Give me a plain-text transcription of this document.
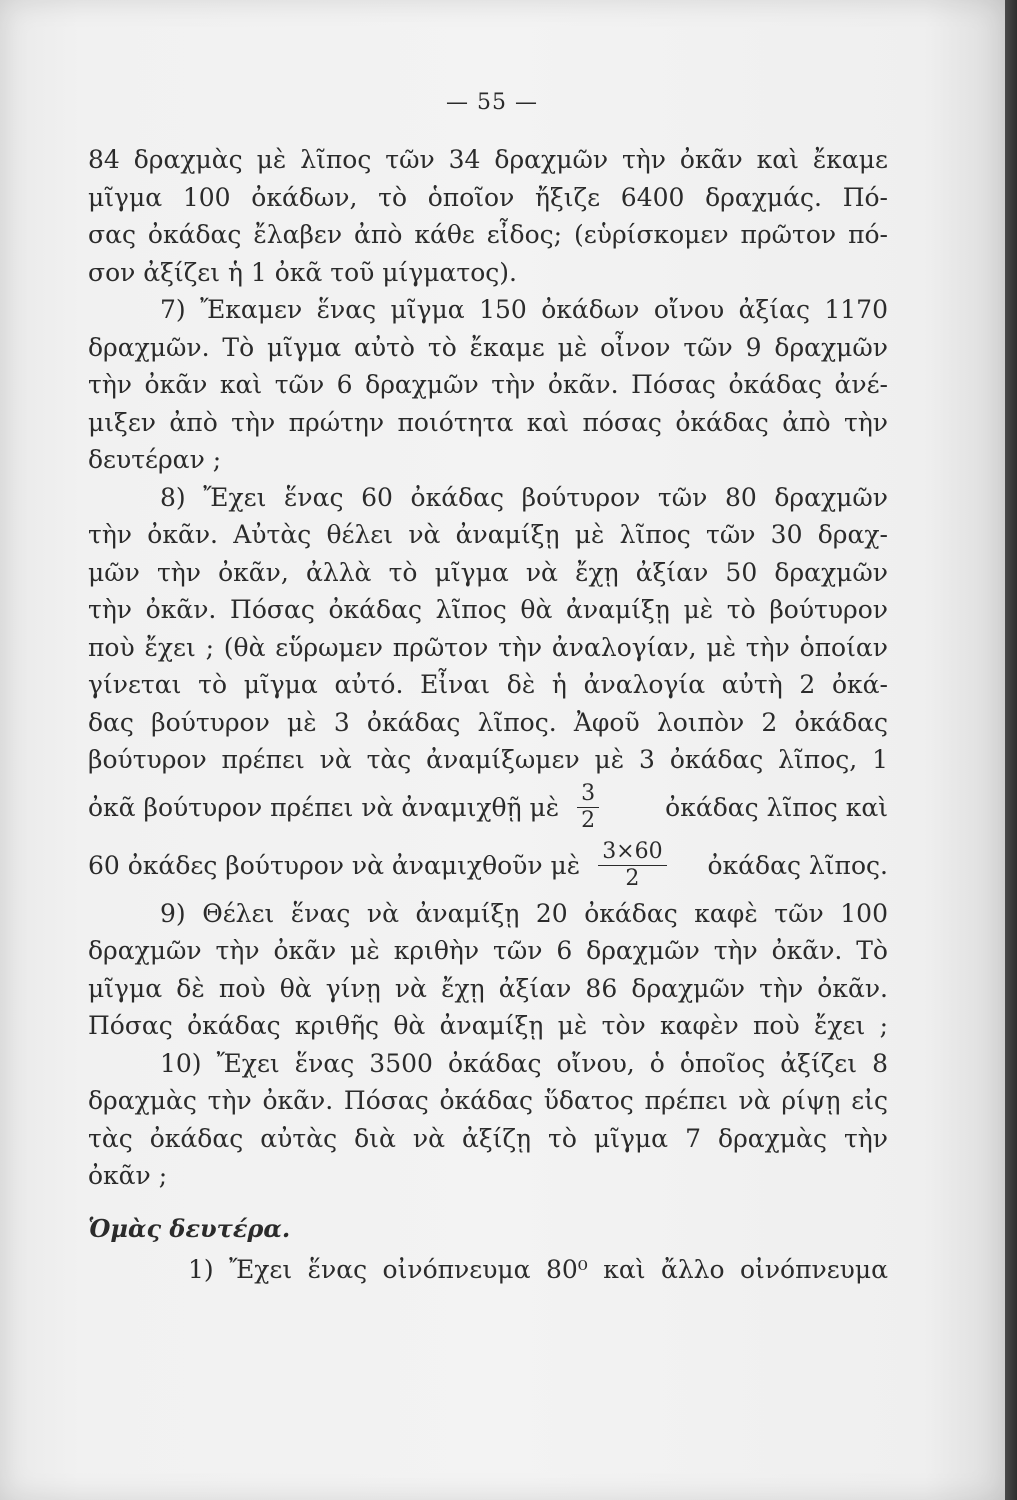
— 55 —
84 δραχμὰς μὲ λῖπος τῶν 34 δραχμῶν τὴν ὀκᾶν καὶ ἔκαμε
μῖγμα 100 ὀκάδων, τὸ ὁποῖον ἤξιζε 6400 δραχμάς. Πό-
σας ὀκάδας ἔλαβεν ἀπὸ κάθε εἶδος; (εὑρίσκομεν πρῶτον πό-
σον ἀξίζει ἡ 1 ὀκᾶ τοῦ μίγματος).
7) Ἔκαμεν ἕνας μῖγμα 150 ὀκάδων οἴνου ἀξίας 1170
δραχμῶν. Τὸ μῖγμα αὐτὸ τὸ ἔκαμε μὲ οἶνον τῶν 9 δραχμῶν
τὴν ὀκᾶν καὶ τῶν 6 δραχμῶν τὴν ὀκᾶν. Πόσας ὀκάδας ἀνέ-
μιξεν ἀπὸ τὴν πρώτην ποιότητα καὶ πόσας ὀκάδας ἀπὸ τὴν
δευτέραν ;
8) Ἔχει ἕνας 60 ὀκάδας βούτυρον τῶν 80 δραχμῶν
τὴν ὀκᾶν. Αὐτὰς θέλει νὰ ἀναμίξῃ μὲ λῖπος τῶν 30 δραχ-
μῶν τὴν ὀκᾶν, ἀλλὰ τὸ μῖγμα νὰ ἔχῃ ἀξίαν 50 δραχμῶν
τὴν ὀκᾶν. Πόσας ὀκάδας λῖπος θὰ ἀναμίξῃ μὲ τὸ βούτυρον
ποὺ ἔχει ; (θὰ εὕρωμεν πρῶτον τὴν ἀναλογίαν, μὲ τὴν ὁποίαν
γίνεται τὸ μῖγμα αὐτό. Εἶναι δὲ ἡ ἀναλογία αὐτὴ 2 ὀκά-
δας βούτυρον μὲ 3 ὀκάδας λῖπος. Ἀφοῦ λοιπὸν 2 ὀκάδας
βούτυρον πρέπει νὰ τὰς ἀναμίξωμεν μὲ 3 ὀκάδας λῖπος, 1
ὀκᾶ βούτυρον πρέπει νὰ ἀναμιχθῇ μὲ $\frac{3}{2}$	ὀκάδας λῖπος καὶ
60 ὀκάδες βούτυρον νὰ ἀναμιχθοῦν μὲ $\frac{3\times 60}{2}$ ὀκάδας λῖπος.
9) Θέλει ἕνας νὰ ἀναμίξῃ 20 ὀκάδας καφὲ τῶν 100
δραχμῶν τὴν ὀκᾶν μὲ κριθὴν τῶν 6 δραχμῶν τὴν ὀκᾶν. Τὸ
μῖγμα δὲ ποὺ θὰ γίνῃ νὰ ἔχῃ ἀξίαν 86 δραχμῶν τὴν ὀκᾶν.
Πόσας ὀκάδας κριθῆς θὰ ἀναμίξῃ μὲ τὸν καφὲν ποὺ ἔχει ;
10) Ἔχει ἕνας 3500 ὀκάδας οἴνου, ὁ ὁποῖος ἀξίζει 8
δραχμὰς τὴν ὀκᾶν. Πόσας ὀκάδας ὕδατος πρέπει νὰ ρίψῃ εἰς
τὰς ὀκάδας αὐτὰς διὰ νὰ ἀξίζῃ τὸ μῖγμα 7 δραχμὰς τὴν
ὀκᾶν ;
Ὁμὰς δευτέρα.
1) Ἔχει ἕνας οἰνόπνευμα 80⁰ καὶ ἄλλο οἰνόπνευμα
